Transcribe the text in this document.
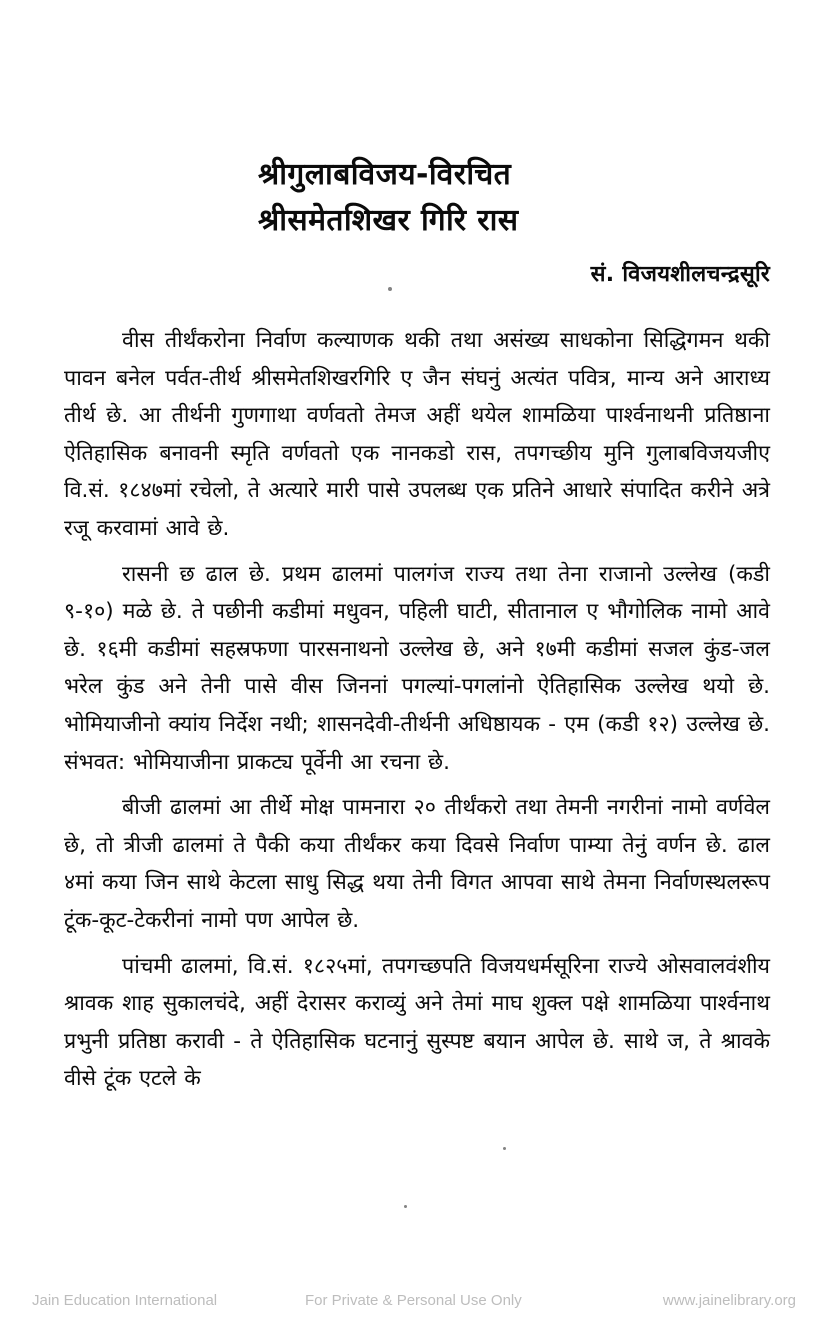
श्रीगुलाबविजय-विरचित
श्रीसमेतशिखर गिरि रास
सं. विजयशीलचन्द्रसूरि

वीस तीर्थंकरोना निर्वाण कल्याणक थकी तथा असंख्य साधकोना सिद्धिगमन थकी पावन बनेल पर्वत-तीर्थ श्रीसमेतशिखरगिरि ए जैन संघनुं अत्यंत पवित्र, मान्य अने आराध्य तीर्थ छे. आ तीर्थनी गुणगाथा वर्णवतो तेमज अहीं थयेल शामळिया पार्श्वनाथनी प्रतिष्ठाना ऐतिहासिक बनावनी स्मृति वर्णवतो एक नानकडो रास, तपगच्छीय मुनि गुलाबविजयजीए वि.सं. १८४७मां रचेलो, ते अत्यारे मारी पासे उपलब्ध एक प्रतिने आधारे संपादित करीने अत्रे रजू करवामां आवे छे.

रासनी छ ढाल छे. प्रथम ढालमां पालगंज राज्य तथा तेना राजानो उल्लेख (कडी ९-१०) मळे छे. ते पछीनी कडीमां मधुवन, पहिली घाटी, सीतानाल ए भौगोलिक नामो आवे छे. १६मी कडीमां सहस्रफणा पारसनाथनो उल्लेख छे, अने १७मी कडीमां सजल कुंड-जल भरेल कुंड अने तेनी पासे वीस जिननां पगल्यां-पगलांनो ऐतिहासिक उल्लेख थयो छे. भोमियाजीनो क्यांय निर्देश नथी; शासनदेवी-तीर्थनी अधिष्ठायक - एम (कडी १२) उल्लेख छे. संभवत: भोमियाजीना प्राकट्य पूर्वेनी आ रचना छे.

बीजी ढालमां आ तीर्थे मोक्ष पामनारा २० तीर्थंकरो तथा तेमनी नगरीनां नामो वर्णवेल छे, तो त्रीजी ढालमां ते पैकी कया तीर्थंकर कया दिवसे निर्वाण पाम्या तेनुं वर्णन छे. ढाल ४मां कया जिन साथे केटला साधु सिद्ध थया तेनी विगत आपवा साथे तेमना निर्वाणस्थलरूप टूंक-कूट-टेकरीनां नामो पण आपेल छे.

पांचमी ढालमां, वि.सं. १८२५मां, तपगच्छपति विजयधर्मसूरिना राज्ये ओसवालवंशीय श्रावक शाह सुकालचंदे, अहीं देरासर कराव्युं अने तेमां माघ शुक्ल पक्षे शामळिया पार्श्वनाथ प्रभुनी प्रतिष्ठा करावी - ते ऐतिहासिक घटनानुं सुस्पष्ट बयान आपेल छे. साथे ज, ते श्रावके वीसे टूंक एटले के

Jain Education International	For Private & Personal Use Only	www.jainelibrary.org
